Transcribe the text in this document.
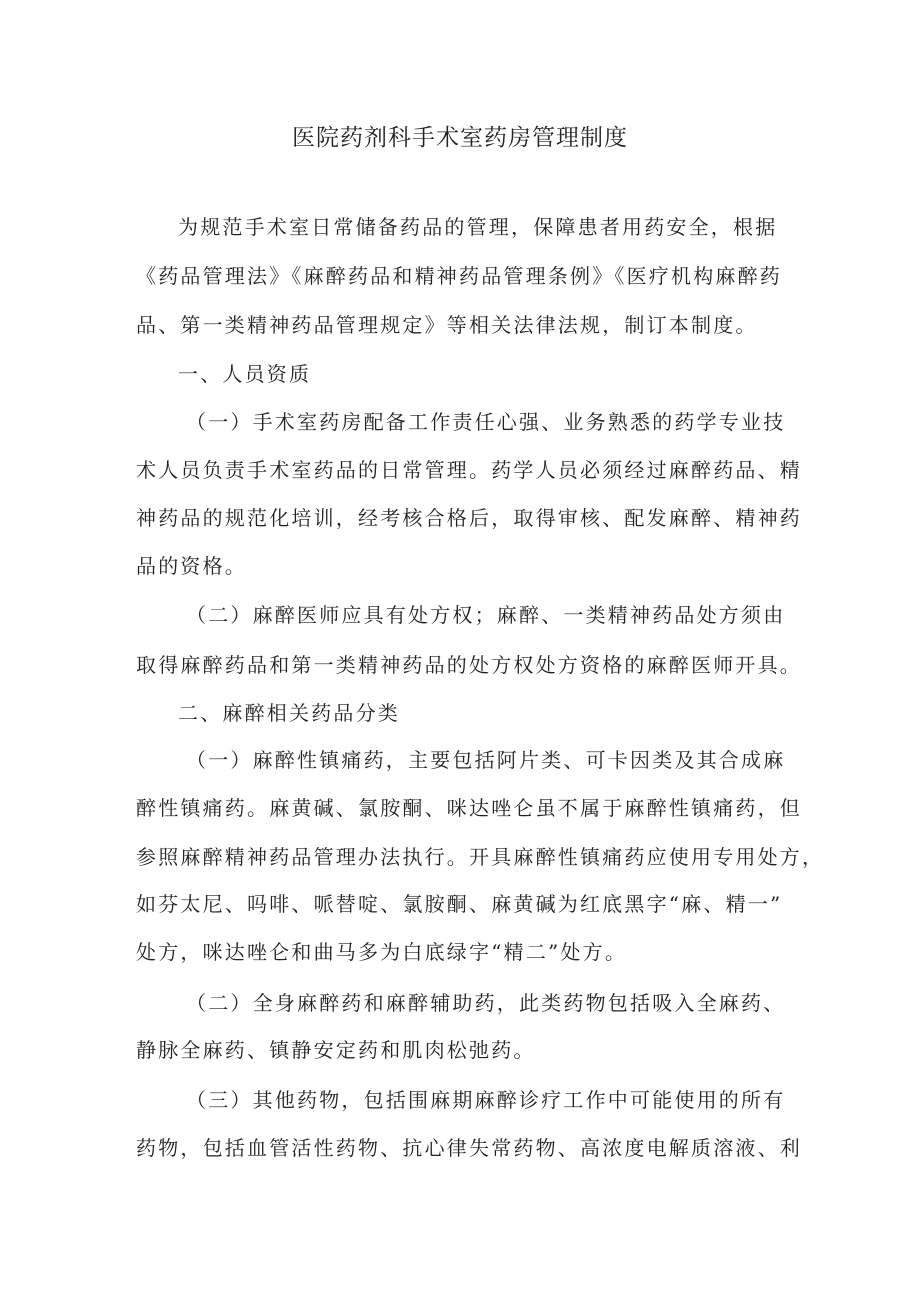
医院药剂科手术室药房管理制度
为规范手术室日常储备药品的管理，保障患者用药安全，根据
《药品管理法》《麻醉药品和精神药品管理条例》《医疗机构麻醉药
品、第一类精神药品管理规定》等相关法律法规，制订本制度。
一、人员资质
（一）手术室药房配备工作责任心强、业务熟悉的药学专业技
术人员负责手术室药品的日常管理。药学人员必须经过麻醉药品、精
神药品的规范化培训，经考核合格后，取得审核、配发麻醉、精神药
品的资格。
（二）麻醉医师应具有处方权；麻醉、一类精神药品处方须由
取得麻醉药品和第一类精神药品的处方权处方资格的麻醉医师开具。
二、麻醉相关药品分类
（一）麻醉性镇痛药，主要包括阿片类、可卡因类及其合成麻
醉性镇痛药。麻黄碱、氯胺酮、咪达唑仑虽不属于麻醉性镇痛药，但
参照麻醉精神药品管理办法执行。开具麻醉性镇痛药应使用专用处方，
如芬太尼、吗啡、哌替啶、氯胺酮、麻黄碱为红底黑字“麻、精一”
处方，咪达唑仑和曲马多为白底绿字“精二”处方。
（二）全身麻醉药和麻醉辅助药，此类药物包括吸入全麻药、
静脉全麻药、镇静安定药和肌肉松弛药。
（三）其他药物，包括围麻期麻醉诊疗工作中可能使用的所有
药物，包括血管活性药物、抗心律失常药物、高浓度电解质溶液、利
